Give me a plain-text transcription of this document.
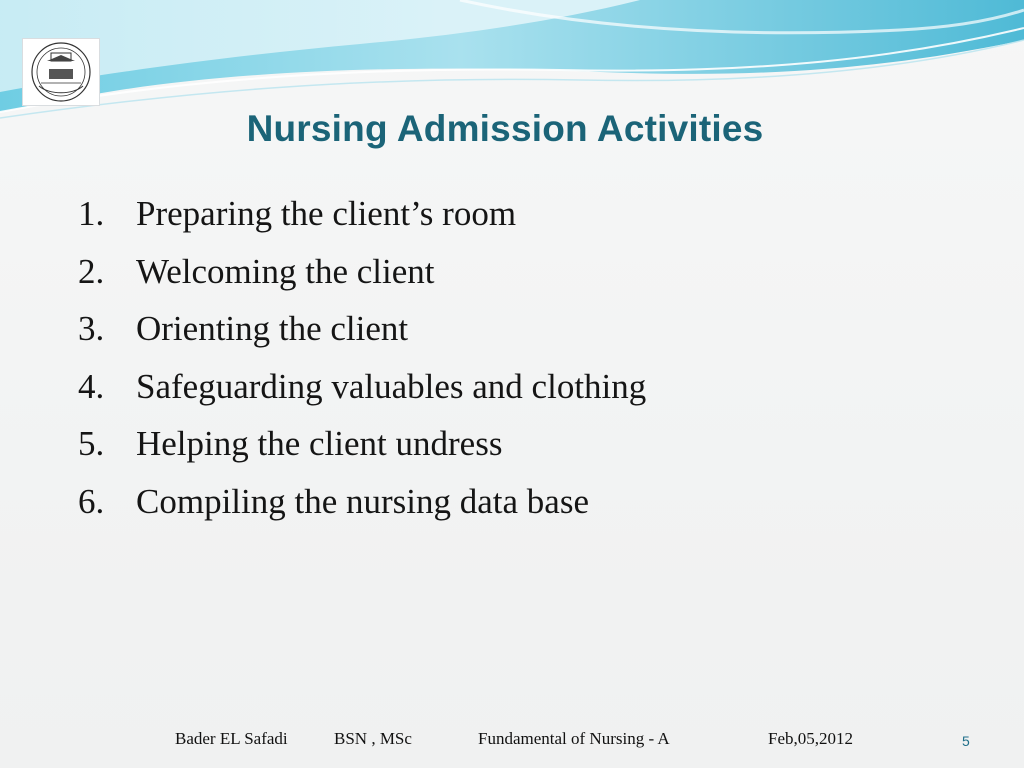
Nursing Admission Activities
1. Preparing the client’s room
2. Welcoming the client
3. Orienting the client
4. Safeguarding valuables and clothing
5. Helping the client undress
6. Compiling the nursing data base
Bader EL Safadi	BSN , MSc	Fundamental of Nursing - A	Feb,05,2012	5
